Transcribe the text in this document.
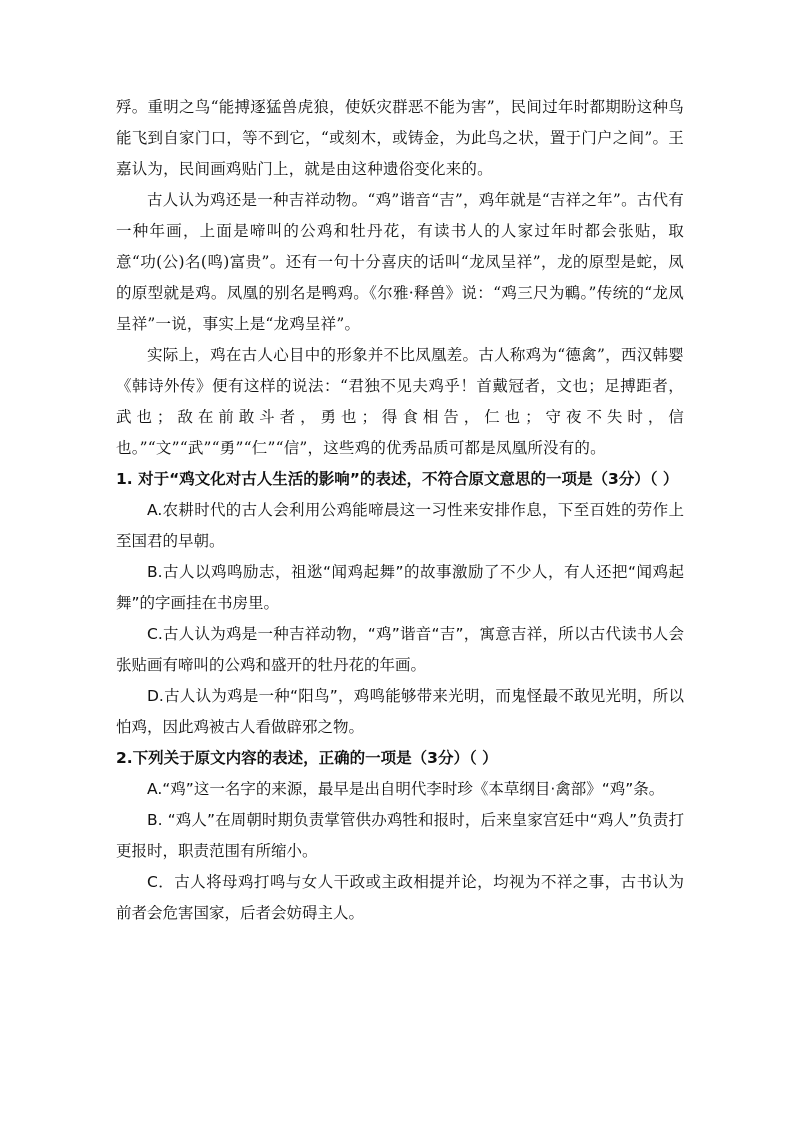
殍。重明之鸟“能搏逐猛兽虎狼，使妖灾群恶不能为害”，民间过年时都期盼这种鸟能飞到自家门口，等不到它，“或刻木，或铸金，为此鸟之状，置于门户之间”。王嘉认为，民间画鸡贴门上，就是由这种遗俗变化来的。

古人认为鸡还是一种吉祥动物。“鸡”谐音“吉”，鸡年就是“吉祥之年”。古代有一种年画，上面是啼叫的公鸡和牡丹花，有读书人的人家过年时都会张贴，取意“功(公)名(鸣)富贵”。还有一句十分喜庆的话叫“龙凤呈祥”，龙的原型是蛇，凤的原型就是鸡。凤凰的别名是鸭鸡。《尔雅·释兽》说：“鸡三尺为鶤。”传统的“龙凤呈祥”一说，事实上是“龙鸡呈祥”。

实际上，鸡在古人心目中的形象并不比凤凰差。古人称鸡为“德禽”，西汉韩婴《韩诗外传》便有这样的说法：“君独不见夫鸡乎！首戴冠者，文也；足搏距者，武也；敌在前敢斗者，勇也；得食相告，仁也；守夜不失时，信也。”“文”“武”“勇”“仁”“信”，这些鸡的优秀品质可都是凤凰所没有的。

1. 对于“鸡文化对古人生活的影响”的表述，不符合原文意思的一项是（3分）（ ）

A.农耕时代的古人会利用公鸡能啼晨这一习性来安排作息，下至百姓的劳作上至国君的早朝。

B.古人以鸡鸣励志，祖逖“闻鸡起舞”的故事激励了不少人，有人还把“闻鸡起舞”的字画挂在书房里。

C.古人认为鸡是一种吉祥动物，“鸡”谐音“吉”，寓意吉祥，所以古代读书人会张贴画有啼叫的公鸡和盛开的牡丹花的年画。

D.古人认为鸡是一种“阳鸟”，鸡鸣能够带来光明，而鬼怪最不敢见光明，所以怕鸡，因此鸡被古人看做辟邪之物。

2.下列关于原文内容的表述，正确的一项是（3分）（ ）

A.“鸡”这一名字的来源，最早是出自明代李时珍《本草纲目·禽部》“鸡”条。

B. “鸡人”在周朝时期负责掌管供办鸡牲和报时，后来皇家宫廷中“鸡人”负责打更报时，职责范围有所缩小。

C．古人将母鸡打鸣与女人干政或主政相提并论，均视为不祥之事，古书认为前者会危害国家，后者会妨碍主人。
